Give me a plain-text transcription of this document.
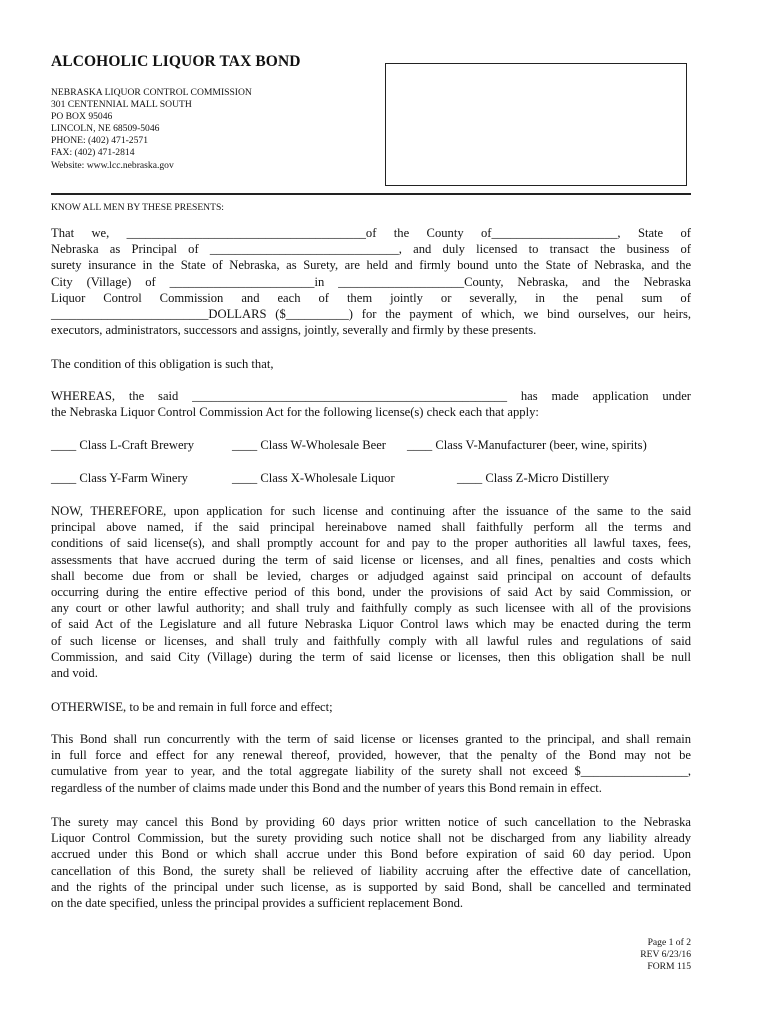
ALCOHOLIC LIQUOR TAX BOND
NEBRASKA LIQUOR CONTROL COMMISSION
301 CENTENNIAL MALL SOUTH
PO BOX 95046
LINCOLN, NE 68509-5046
PHONE: (402) 471-2571
FAX: (402) 471-2814
Website: www.lcc.nebraska.gov
KNOW ALL MEN BY THESE PRESENTS:
That we, ______________________________________of the County of____________________, State of
Nebraska as Principal of ______________________________, and duly licensed to transact the business of
surety insurance in the State of Nebraska, as Surety, are held and firmly bound unto the State of Nebraska, and the
City (Village) of _______________________in ____________________County, Nebraska, and the Nebraska
Liquor Control Commission and each of them jointly or severally, in the penal sum of
_________________________DOLLARS ($__________) for the payment of which, we bind ourselves, our heirs,
executors, administrators, successors and assigns, jointly, severally and firmly by these presents.
The condition of this obligation is such that,
WHEREAS, the said __________________________________________________ has made application under
the Nebraska Liquor Control Commission Act for the following license(s) check each that apply:
____ Class L-Craft Brewery	____ Class W-Wholesale Beer ____ Class V-Manufacturer (beer, wine, spirits)
____ Class Y-Farm Winery	____ Class X-Wholesale Liquor	____ Class Z-Micro Distillery
NOW, THEREFORE, upon application for such license and continuing after the issuance of the same to the said
principal above named, if the said principal hereinabove named shall faithfully perform all the terms and
conditions of said license(s), and shall promptly account for and pay to the proper authorities all lawful taxes, fees,
assessments that have accrued during the term of said license or licenses, and all fines, penalties and costs which
shall become due from or shall be levied, charges or adjudged against said principal on account of defaults
occurring during the entire effective period of this bond, under the provisions of said Act by said Commission, or
any court or other lawful authority; and shall truly and faithfully comply as such licensee with all of the provisions
of said Act of the Legislature and all future Nebraska Liquor Control laws which may be enacted during the term
of such license or licenses, and shall truly and faithfully comply with all lawful rules and regulations of said
Commission, and said City (Village) during the term of said license or licenses, then this obligation shall be null
and void.
OTHERWISE, to be and remain in full force and effect;
This Bond shall run concurrently with the term of said license or licenses granted to the principal, and shall remain
in full force and effect for any renewal thereof, provided, however, that the penalty of the Bond may not be
cumulative from year to year, and the total aggregate liability of the surety shall not exceed $_________________,
regardless of the number of claims made under this Bond and the number of years this Bond remain in effect.
The surety may cancel this Bond by providing 60 days prior written notice of such cancellation to the Nebraska
Liquor Control Commission, but the surety providing such notice shall not be discharged from any liability already
accrued under this Bond or which shall accrue under this Bond before expiration of said 60 day period. Upon
cancellation of this Bond, the surety shall be relieved of liability accruing after the effective date of cancellation,
and the rights of the principal under such license, as is supported by said Bond, shall be cancelled and terminated
on the date specified, unless the principal provides a sufficient replacement Bond.
Page 1 of 2
REV 6/23/16
FORM 115
